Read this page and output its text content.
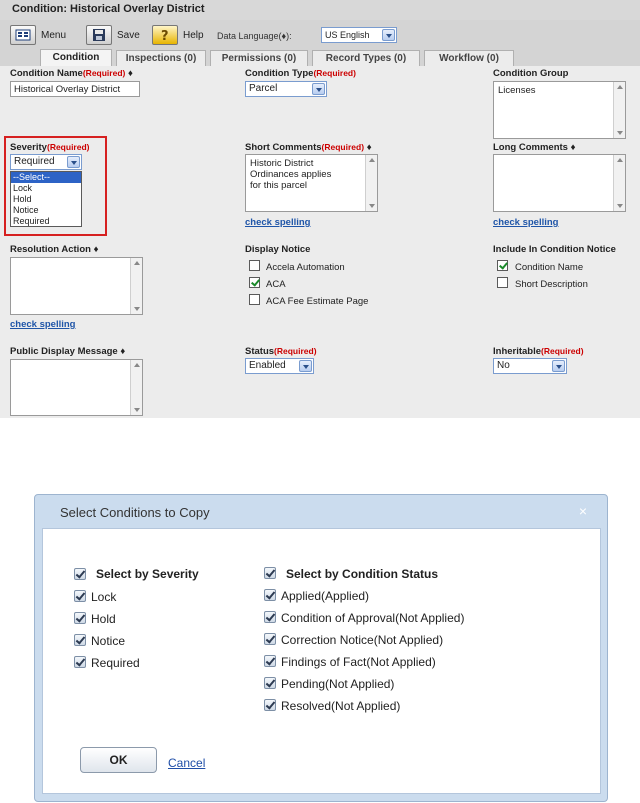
Condition: Historical Overlay District
Menu	Save ? Help Data Language(♦):	US English
Condition	Inspections (0)	Permissions (0)	Record Types (0)	Workflow (0)
Condition Name(Required) ♦
Historical Overlay District
Condition Type(Required)
Parcel
Condition Group
Licenses
Severity(Required)
Required
Short Comments(Required) ♦
Historic District
Ordinances applies
for this parcel
check spelling
Long Comments ♦
check spelling
Resolution Action ♦
check spelling
Display Notice
Accela Automation
ACA
ACA Fee Estimate Page
Include In Condition Notice
Condition Name
Short Description
Public Display Message ♦	Status(Required)
Enabled
Inheritable(Required)
No
--Select--
Lock
Hold
Notice
Required
Select Conditions to Copy	×
Select by Severity
Lock
Hold
Notice
Required
Select by Condition Status
Applied(Applied)
Condition of Approval(Not Applied)
Correction Notice(Not Applied)
Findings of Fact(Not Applied)
Pending(Not Applied)
Resolved(Not Applied)
OK	Cancel
